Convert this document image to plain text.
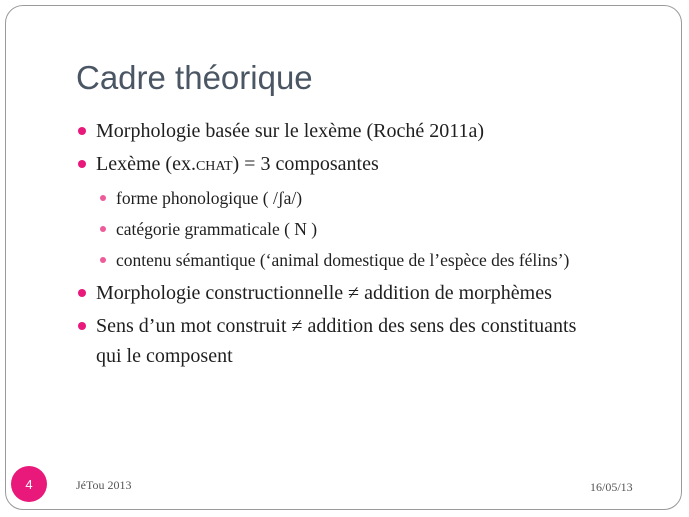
Cadre théorique
Morphologie basée sur le lexème (Roché 2011a)
Lexème (ex.CHAT) = 3 composantes
forme phonologique ( /ʃa/)
catégorie grammaticale ( N )
contenu sémantique (‘animal domestique de l’espèce des félins’)
Morphologie constructionnelle ≠ addition de morphèmes
Sens d’un mot construit ≠ addition des sens des constituants
qui le composent
4	JéTou 2013	16/05/13
